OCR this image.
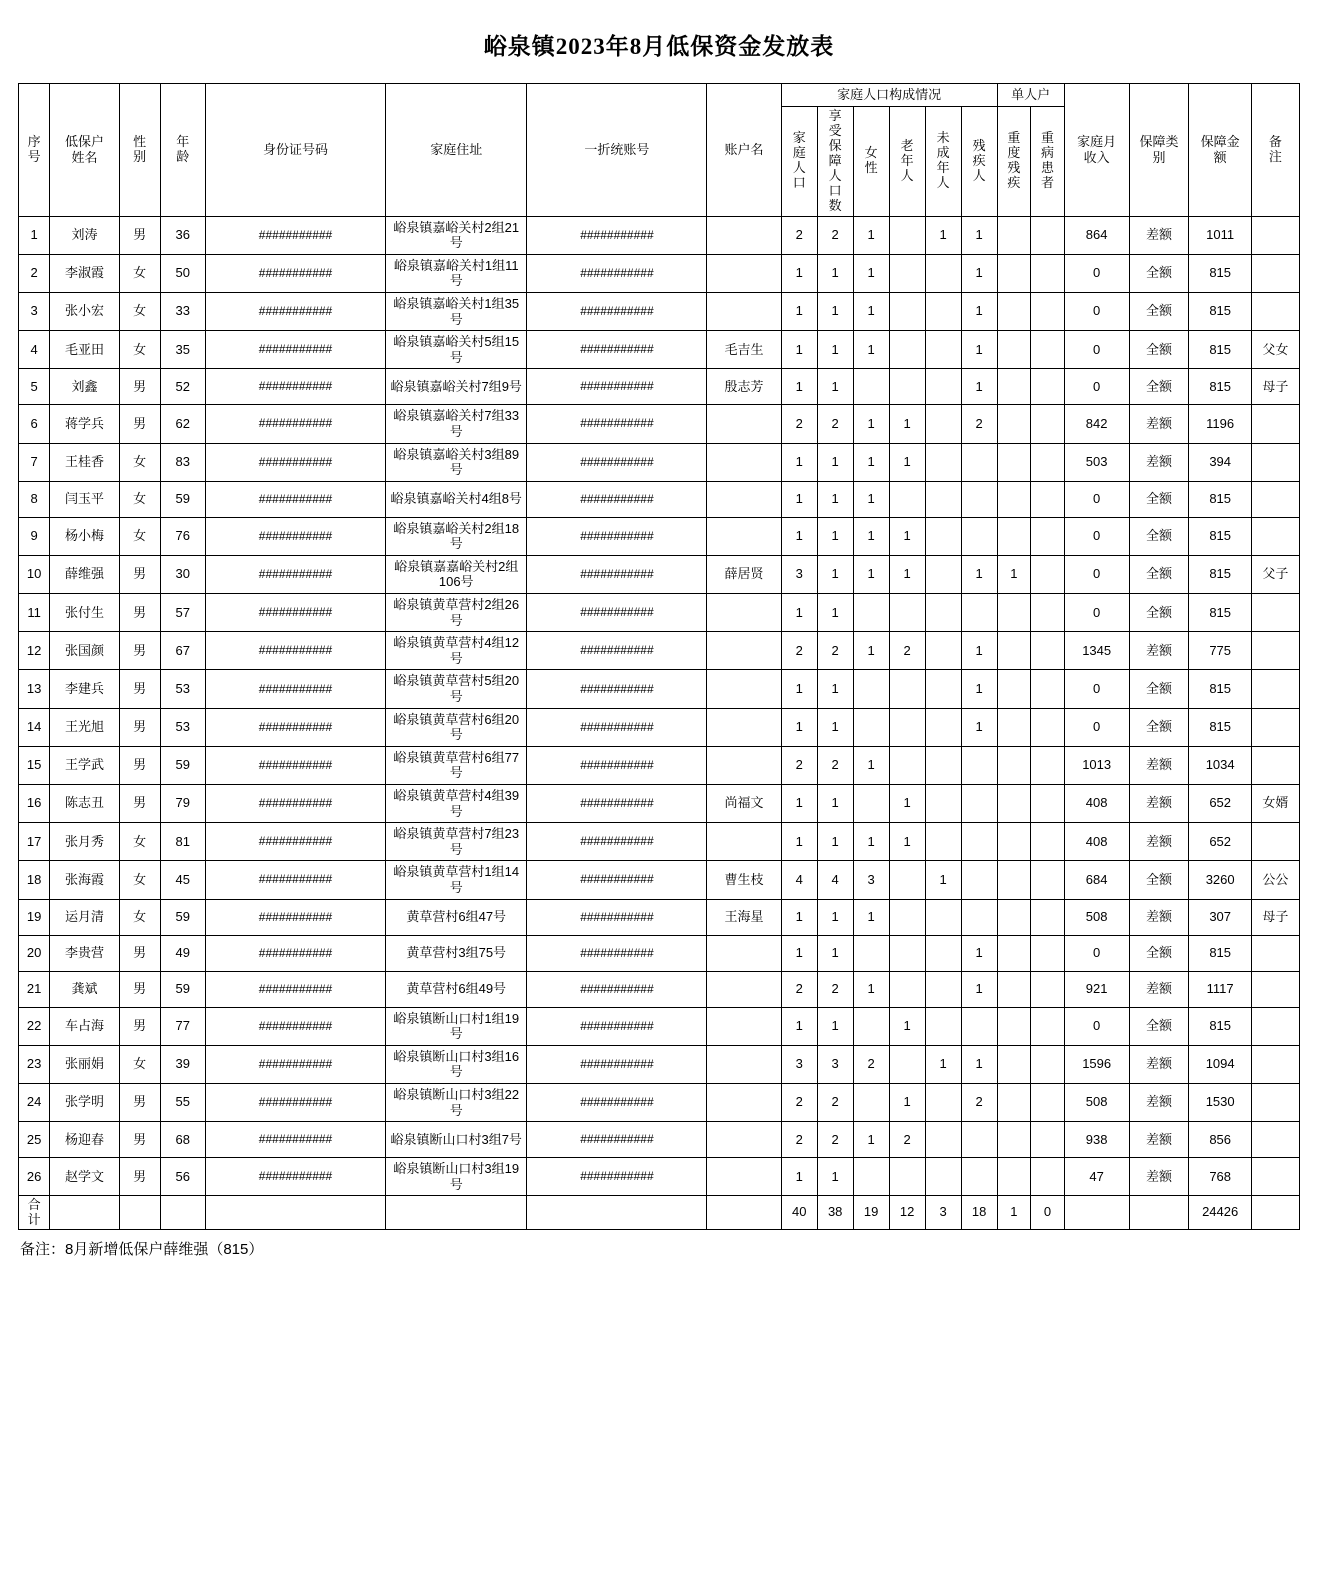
峪泉镇2023年8月低保资金发放表
序号	低保户姓名	性别	年龄	身份证号码	家庭住址	一折统账号	账户名	家庭人口构成情况						单人户		家庭月收入	保障类别	保障金额	备注

								家庭人口	享受保障人口数	女性	老年人	未成年人	残疾人	重度残疾	重病患者				

1	刘涛	男	36	###########	峪泉镇嘉峪关村2组21号	###########		2	2	1		1	1			864	差额	1011	
2	李淑霞	女	50	###########	峪泉镇嘉峪关村1组11号	###########		1	1	1			1			0	全额	815	
3	张小宏	女	33	###########	峪泉镇嘉峪关村1组35号	###########		1	1	1			1			0	全额	815	
4	毛亚田	女	35	###########	峪泉镇嘉峪关村5组15号	###########	毛吉生	1	1	1			1			0	全额	815	父女
5	刘鑫	男	52	###########	峪泉镇嘉峪关村7组9号	###########	殷志芳	1	1				1			0	全额	815	母子
6	蒋学兵	男	62	###########	峪泉镇嘉峪关村7组33号	###########		2	2	1	1		2			842	差额	1196	
7	王桂香	女	83	###########	峪泉镇嘉峪关村3组89号	###########		1	1	1	1					503	差额	394	
8	闫玉平	女	59	###########	峪泉镇嘉峪关村4组8号	###########		1	1	1						0	全额	815	
9	杨小梅	女	76	###########	峪泉镇嘉峪关村2组18号	###########		1	1	1	1					0	全额	815	
10	薛维强	男	30	###########	峪泉镇嘉嘉峪关村2组106号	###########	薛居贤	3	1	1	1		1	1		0	全额	815	父子
11	张付生	男	57	###########	峪泉镇黄草营村2组26号	###########		1	1							0	全额	815	
12	张国颜	男	67	###########	峪泉镇黄草营村4组12号	###########		2	2	1	2		1			1345	差额	775	
13	李建兵	男	53	###########	峪泉镇黄草营村5组20号	###########		1	1				1			0	全额	815	
14	王光旭	男	53	###########	峪泉镇黄草营村6组20号	###########		1	1				1			0	全额	815	
15	王学武	男	59	###########	峪泉镇黄草营村6组77号	###########		2	2	1						1013	差额	1034	
16	陈志丑	男	79	###########	峪泉镇黄草营村4组39号	###########	尚福文	1	1		1					408	差额	652	女婿
17	张月秀	女	81	###########	峪泉镇黄草营村7组23号	###########		1	1	1	1					408	差额	652	
18	张海霞	女	45	###########	峪泉镇黄草营村1组14号	###########	曹生枝	4	4	3		1				684	全额	3260	公公
19	运月清	女	59	###########	黄草营村6组47号	###########	王海星	1	1	1						508	差额	307	母子
20	李贵营	男	49	###########	黄草营村3组75号	###########		1	1				1			0	全额	815	
21	龚斌	男	59	###########	黄草营村6组49号	###########		2	2	1			1			921	差额	1117	
22	车占海	男	77	###########	峪泉镇断山口村1组19号	###########		1	1		1					0	全额	815	
23	张丽娟	女	39	###########	峪泉镇断山口村3组16号	###########		3	3	2		1	1			1596	差额	1094	
24	张学明	男	55	###########	峪泉镇断山口村3组22号	###########		2	2		1		2			508	差额	1530	
25	杨迎春	男	68	###########	峪泉镇断山口村3组7号	###########		2	2	1	2					938	差额	856	
26	赵学文	男	56	###########	峪泉镇断山口村3组19号	###########		1	1							47	差额	768	

合计								40	38	19	12	3	18	1	0			24426	
备注：8月新增低保户薛维强（815）
